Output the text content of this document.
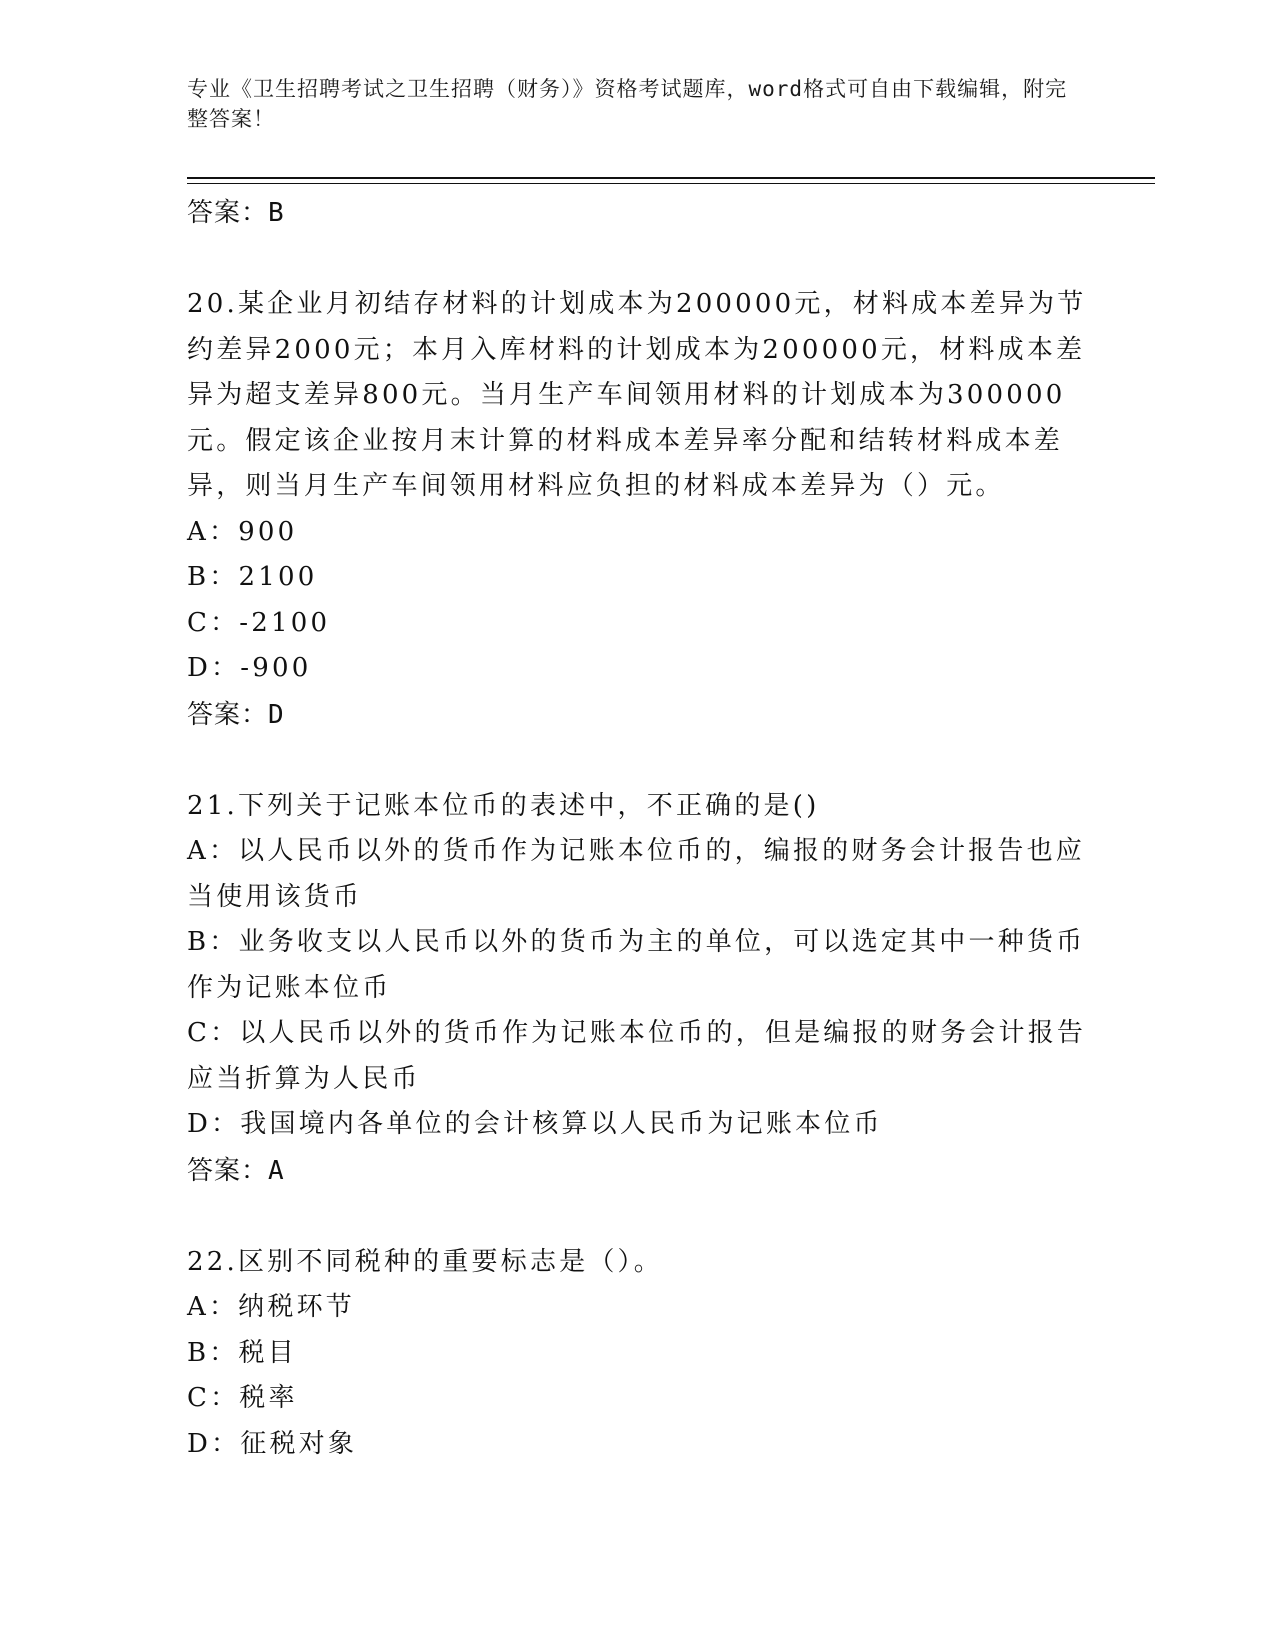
专业《卫生招聘考试之卫生招聘（财务）》资格考试题库，word格式可自由下载编辑，附完整答案！
答案：B
20.某企业月初结存材料的计划成本为200000元，材料成本差异为节约差异2000元；本月入库材料的计划成本为200000元，材料成本差异为超支差异800元。当月生产车间领用材料的计划成本为300000元。假定该企业按月末计算的材料成本差异率分配和结转材料成本差异，则当月生产车间领用材料应负担的材料成本差异为（）元。
A：900
B：2100
C：-2100
D：-900
答案：D
21.下列关于记账本位币的表述中，不正确的是()
A：以人民币以外的货币作为记账本位币的，编报的财务会计报告也应当使用该货币
B：业务收支以人民币以外的货币为主的单位，可以选定其中一种货币作为记账本位币
C：以人民币以外的货币作为记账本位币的，但是编报的财务会计报告应当折算为人民币
D：我国境内各单位的会计核算以人民币为记账本位币
答案：A
22.区别不同税种的重要标志是（）。
A：纳税环节
B：税目
C：税率
D：征税对象
